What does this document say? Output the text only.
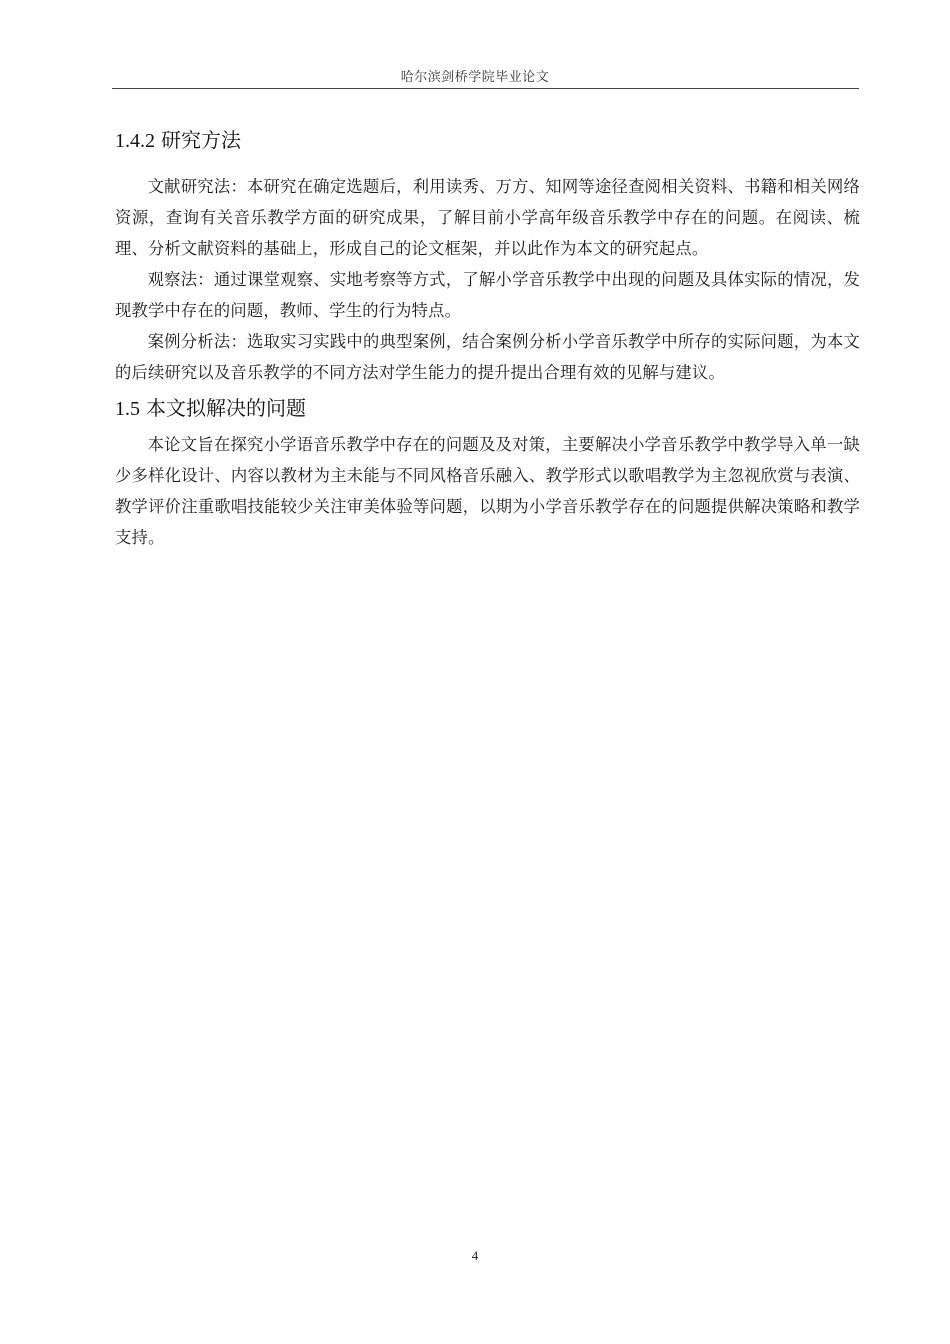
哈尔滨剑桥学院毕业论文
1.4.2 研究方法

文献研究法：本研究在确定选题后，利用读秀、万方、知网等途径查阅相关资料、书籍和相关网络资源，查询有关音乐教学方面的研究成果，了解目前小学高年级音乐教学中存在的问题。在阅读、梳理、分析文献资料的基础上，形成自己的论文框架，并以此作为本文的研究起点。

观察法：通过课堂观察、实地考察等方式，了解小学音乐教学中出现的问题及具体实际的情况，发现教学中存在的问题，教师、学生的行为特点。

案例分析法：选取实习实践中的典型案例，结合案例分析小学音乐教学中所存的实际问题，为本文的后续研究以及音乐教学的不同方法对学生能力的提升提出合理有效的见解与建议。

1.5 本文拟解决的问题

本论文旨在探究小学语音乐教学中存在的问题及及对策，主要解决小学音乐教学中教学导入单一缺少多样化设计、内容以教材为主未能与不同风格音乐融入、教学形式以歌唱教学为主忽视欣赏与表演、教学评价注重歌唱技能较少关注审美体验等问题，以期为小学音乐教学存在的问题提供解决策略和教学支持。

4
